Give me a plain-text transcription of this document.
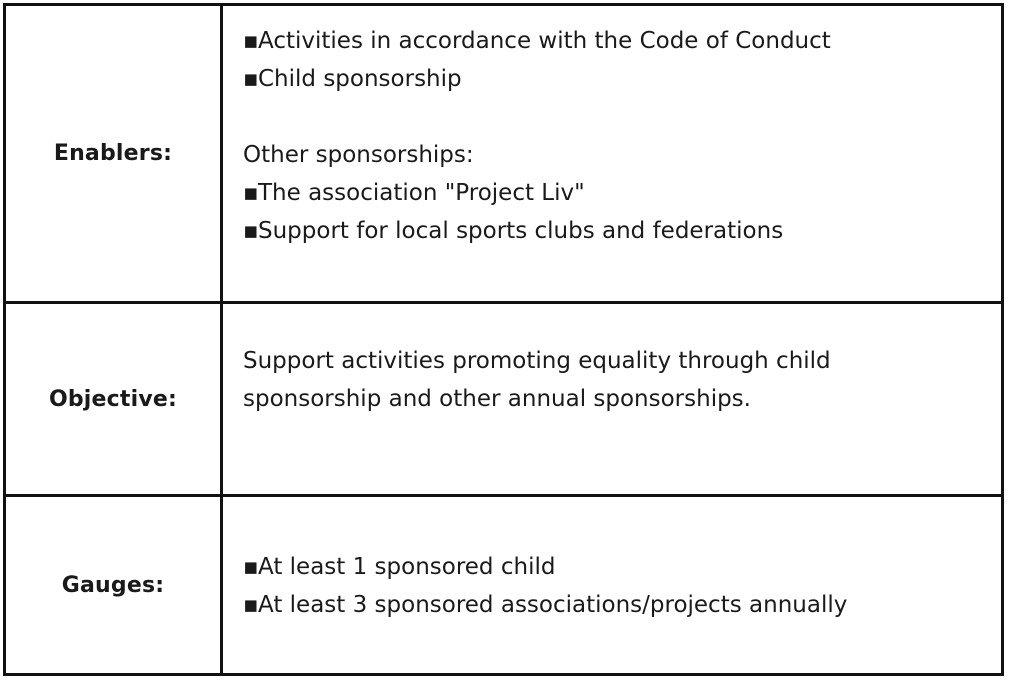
Enablers:
▪Activities in accordance with the Code of Conduct
▪Child sponsorship
Other sponsorships:
▪The association "Project Liv"
▪Support for local sports clubs and federations
Objective:
Support activities promoting equality through child
sponsorship and other annual sponsorships.
Gauges:
▪At least 1 sponsored child
▪At least 3 sponsored associations/projects annually
